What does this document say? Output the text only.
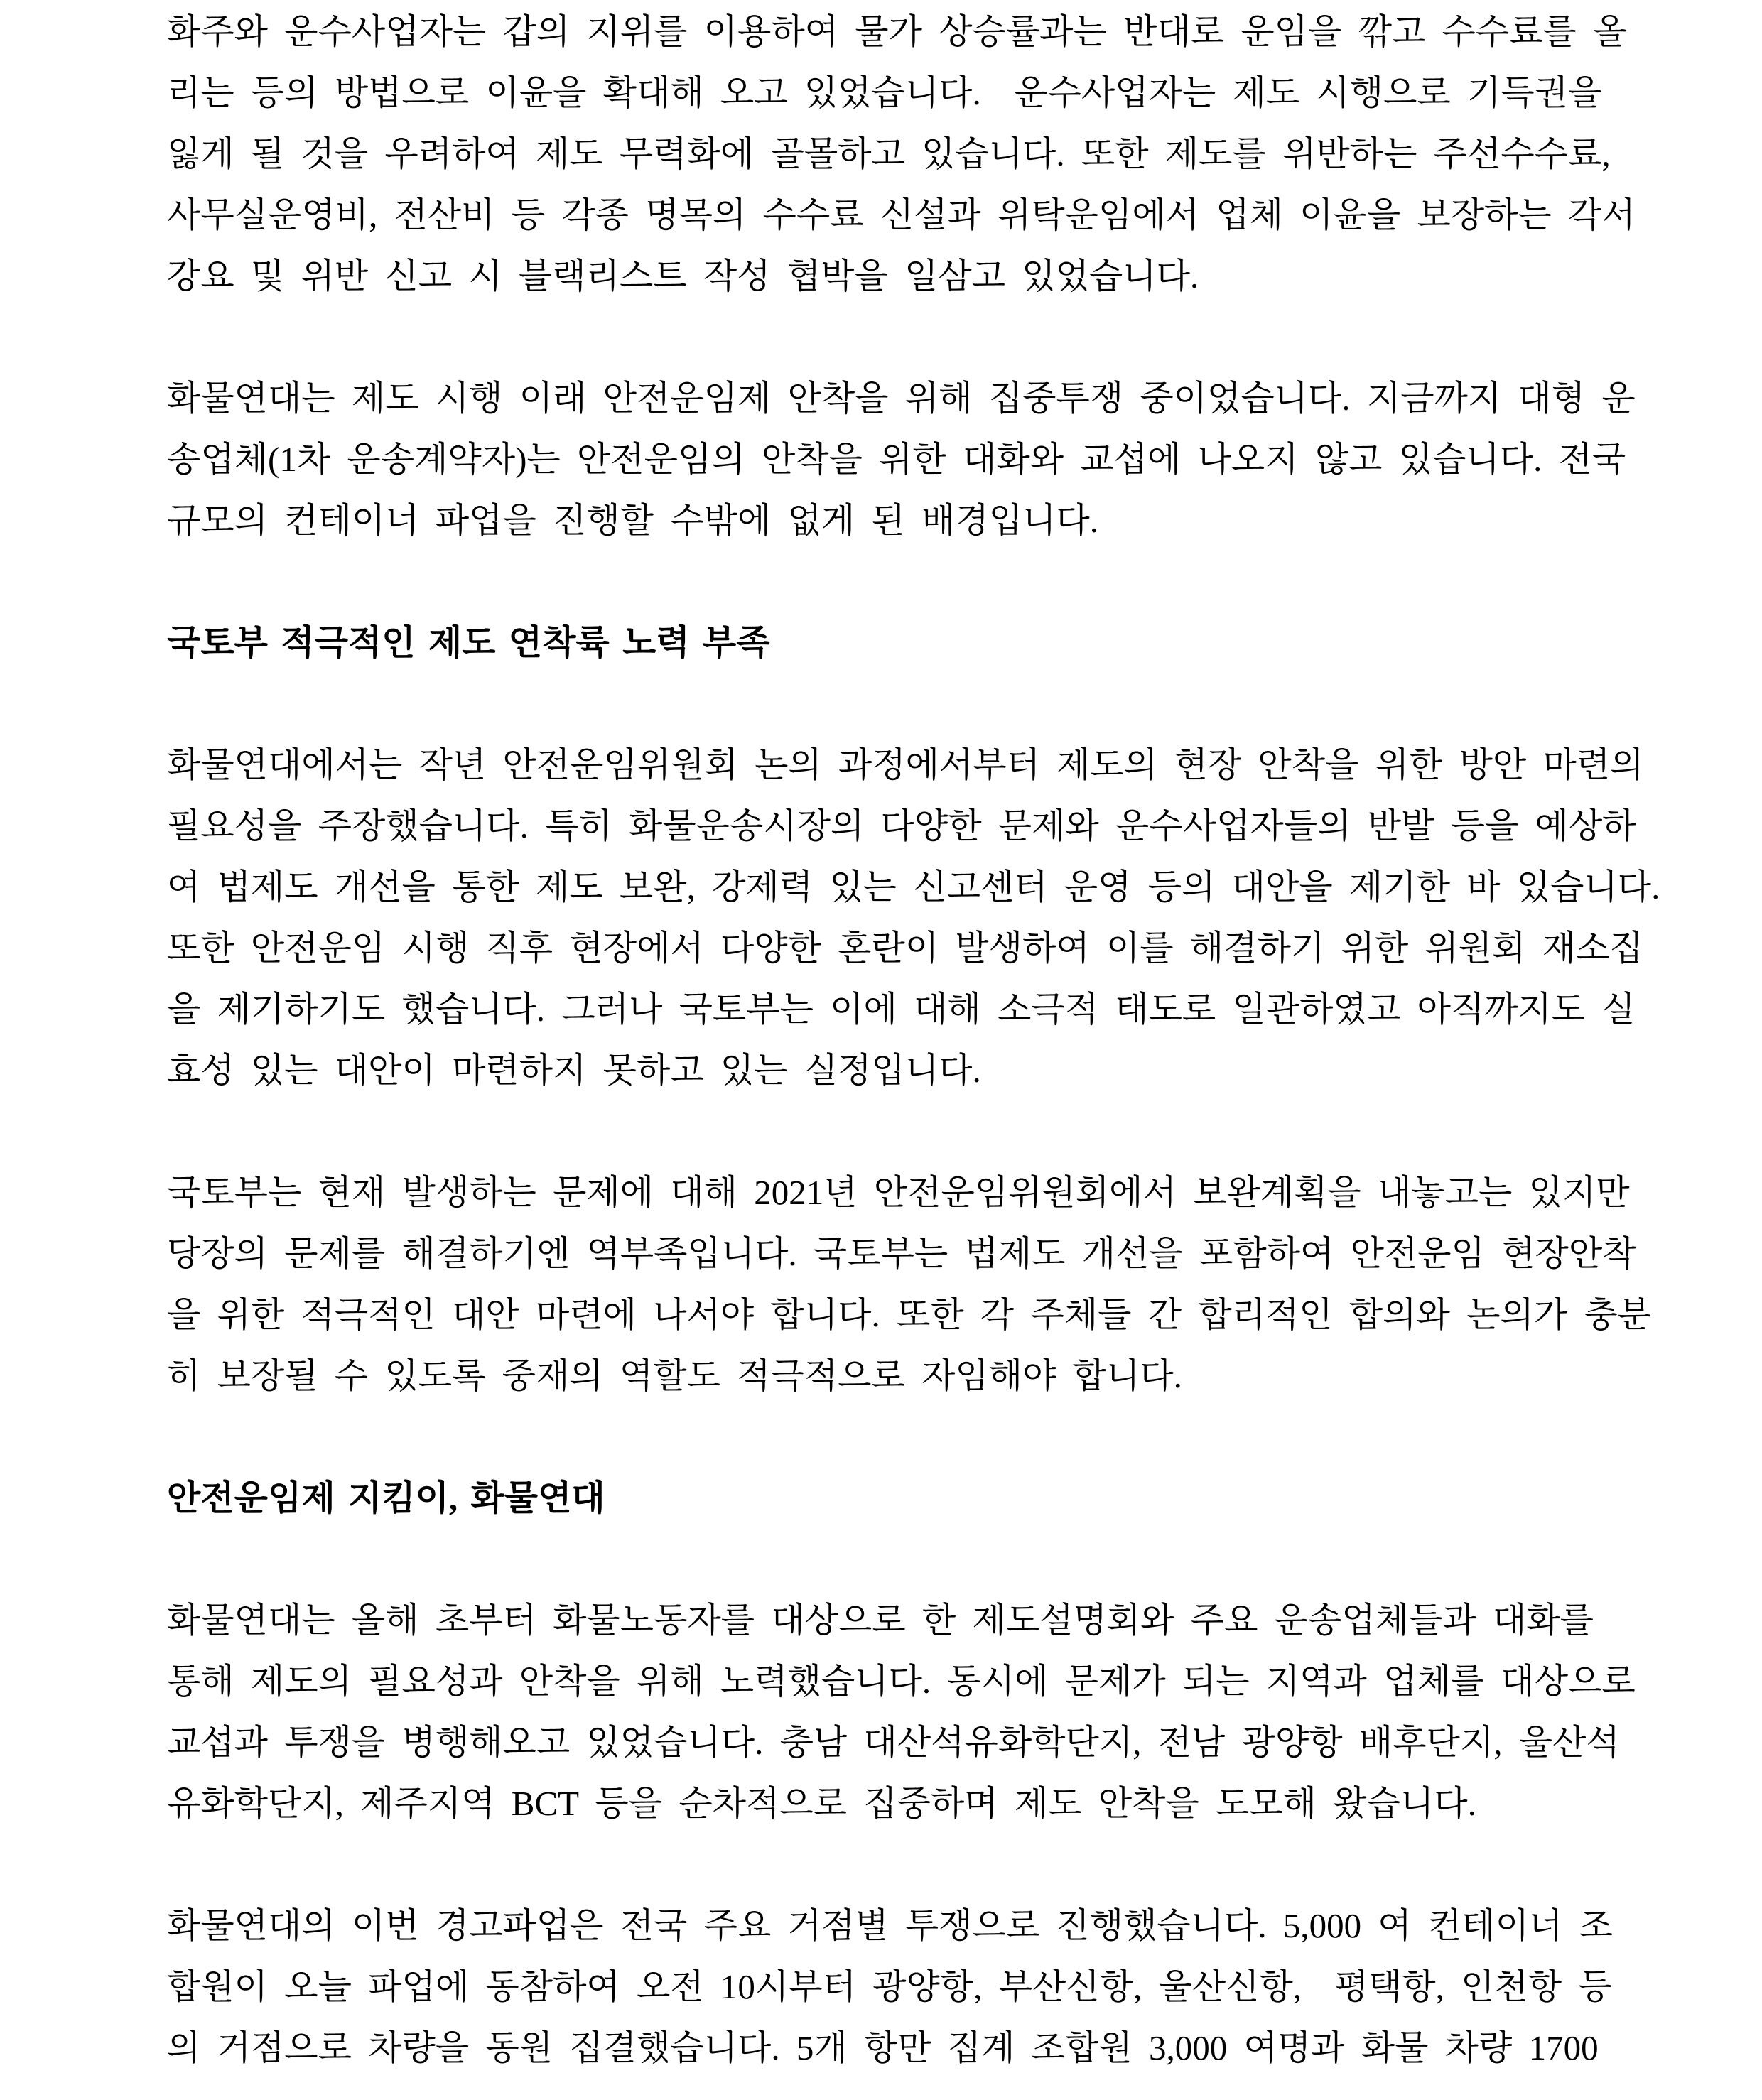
화주와 운수사업자는 갑의 지위를 이용하여 물가 상승률과는 반대로 운임을 깎고 수수료를 올
리는 등의 방법으로 이윤을 확대해 오고 있었습니다.  운수사업자는 제도 시행으로 기득권을
잃게 될 것을 우려하여 제도 무력화에 골몰하고 있습니다. 또한 제도를 위반하는 주선수수료,
사무실운영비, 전산비 등 각종 명목의 수수료 신설과 위탁운임에서 업체 이윤을 보장하는 각서
강요 및 위반 신고 시 블랙리스트 작성 협박을 일삼고 있었습니다.
화물연대는 제도 시행 이래 안전운임제 안착을 위해 집중투쟁 중이었습니다. 지금까지 대형 운
송업체(1차 운송계약자)는 안전운임의 안착을 위한 대화와 교섭에 나오지 않고 있습니다. 전국
규모의 컨테이너 파업을 진행할 수밖에 없게 된 배경입니다.
국토부 적극적인 제도 연착륙 노력 부족
화물연대에서는 작년 안전운임위원회 논의 과정에서부터 제도의 현장 안착을 위한 방안 마련의
필요성을 주장했습니다. 특히 화물운송시장의 다양한 문제와 운수사업자들의 반발 등을 예상하
여 법제도 개선을 통한 제도 보완, 강제력 있는 신고센터 운영 등의 대안을 제기한 바 있습니다.
또한 안전운임 시행 직후 현장에서 다양한 혼란이 발생하여 이를 해결하기 위한 위원회 재소집
을 제기하기도 했습니다. 그러나 국토부는 이에 대해 소극적 태도로 일관하였고 아직까지도 실
효성 있는 대안이 마련하지 못하고 있는 실정입니다.
국토부는 현재 발생하는 문제에 대해 2021년 안전운임위원회에서 보완계획을 내놓고는 있지만
당장의 문제를 해결하기엔 역부족입니다. 국토부는 법제도 개선을 포함하여 안전운임 현장안착
을 위한 적극적인 대안 마련에 나서야 합니다. 또한 각 주체들 간 합리적인 합의와 논의가 충분
히 보장될 수 있도록 중재의 역할도 적극적으로 자임해야 합니다.
안전운임제 지킴이, 화물연대
화물연대는 올해 초부터 화물노동자를 대상으로 한 제도설명회와 주요 운송업체들과 대화를
통해 제도의 필요성과 안착을 위해 노력했습니다. 동시에 문제가 되는 지역과 업체를 대상으로
교섭과 투쟁을 병행해오고 있었습니다. 충남 대산석유화학단지, 전남 광양항 배후단지, 울산석
유화학단지, 제주지역 BCT 등을 순차적으로 집중하며 제도 안착을 도모해 왔습니다.
화물연대의 이번 경고파업은 전국 주요 거점별 투쟁으로 진행했습니다. 5,000 여 컨테이너 조
합원이 오늘 파업에 동참하여 오전 10시부터 광양항, 부산신항, 울산신항,  평택항, 인천항 등
의 거점으로 차량을 동원 집결했습니다. 5개 항만 집계 조합원 3,000 여명과 화물 차량 1700
